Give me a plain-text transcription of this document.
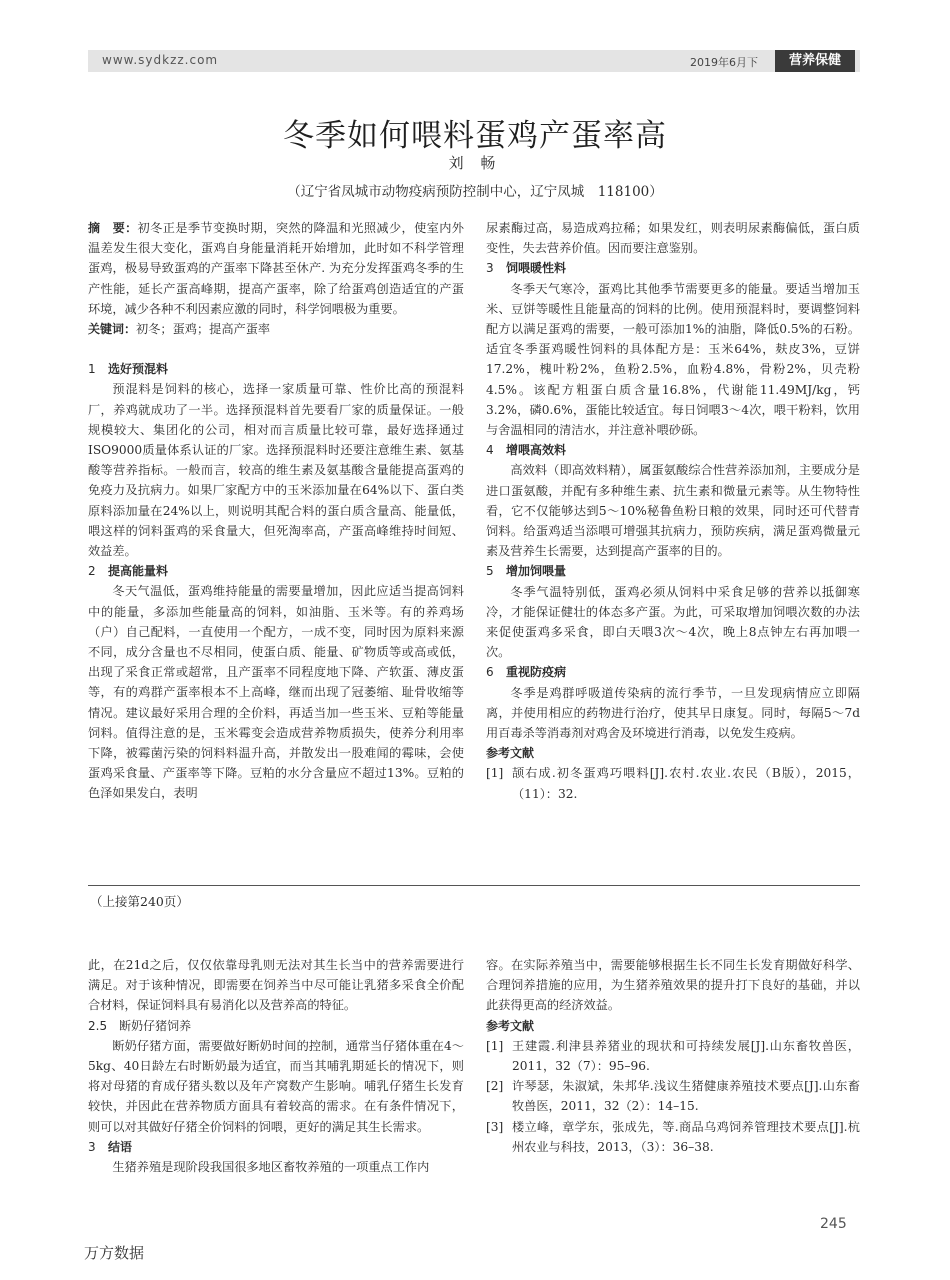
www.sydkzz.com	2019年6月下	营养保健
冬季如何喂料蛋鸡产蛋率高
刘 畅
（辽宁省凤城市动物疫病预防控制中心，辽宁凤城　118100）

摘　要：初冬正是季节变换时期，突然的降温和光照减少，使室内外温差发生很大变化，蛋鸡自身能量消耗开始增加，此时如不科学管理蛋鸡，极易导致蛋鸡的产蛋率下降甚至休产. 为充分发挥蛋鸡冬季的生产性能，延长产蛋高峰期，提高产蛋率，除了给蛋鸡创造适宜的产蛋环境，减少各种不利因素应激的同时，科学饲喂极为重要。

关键词：初冬；蛋鸡；提高产蛋率

1 选好预混料

预混料是饲料的核心，选择一家质量可靠、性价比高的预混料厂，养鸡就成功了一半。选择预混料首先要看厂家的质量保证。一般规模较大、集团化的公司，相对而言质量比较可靠，最好选择通过ISO9000质量体系认证的厂家。选择预混料时还要注意维生素、氨基酸等营养指标。一般而言，较高的维生素及氨基酸含量能提高蛋鸡的免疫力及抗病力。如果厂家配方中的玉米添加量在64%以下、蛋白类原料添加量在24%以上，则说明其配合料的蛋白质含量高、能量低，喂这样的饲料蛋鸡的采食量大，但死淘率高，产蛋高峰维持时间短、效益差。

2 提高能量料

冬天气温低，蛋鸡维持能量的需要量增加，因此应适当提高饲料中的能量，多添加些能量高的饲料，如油脂、玉米等。有的养鸡场（户）自己配料，一直使用一个配方，一成不变，同时因为原料来源不同，成分含量也不尽相同，使蛋白质、能量、矿物质等或高或低，出现了采食正常或超常，且产蛋率不同程度地下降、产软蛋、薄皮蛋等，有的鸡群产蛋率根本不上高峰，继而出现了冠萎缩、耻骨收缩等情况。建议最好采用合理的全价料，再适当加一些玉米、豆粕等能量饲料。值得注意的是，玉米霉变会造成营养物质损失，使养分利用率下降，被霉菌污染的饲料料温升高，并散发出一股难闻的霉味，会使蛋鸡采食量、产蛋率等下降。豆粕的水分含量应不超过13%。豆粕的色泽如果发白，表明

尿素酶过高，易造成鸡拉稀；如果发红，则表明尿素酶偏低，蛋白质变性，失去营养价值。因而要注意鉴别。

3 饲喂暖性料

冬季天气寒冷，蛋鸡比其他季节需要更多的能量。要适当增加玉米、豆饼等暖性且能量高的饲料的比例。使用预混料时，要调整饲料配方以满足蛋鸡的需要，一般可添加1%的油脂，降低0.5%的石粉。适宜冬季蛋鸡暖性饲料的具体配方是：玉米64%，麸皮3%，豆饼17.2%，槐叶粉2%，鱼粉2.5%，血粉4.8%，骨粉2%，贝壳粉4.5%。该配方粗蛋白质含量16.8%，代谢能11.49MJ/kg，钙3.2%，磷0.6%，蛋能比较适宜。每日饲喂3～4次，喂干粉料，饮用与舍温相同的清洁水，并注意补喂砂砾。

4 增喂高效料

高效料（即高效料精），属蛋氨酸综合性营养添加剂，主要成分是进口蛋氨酸，并配有多种维生素、抗生素和微量元素等。从生物特性看，它不仅能够达到5～10%秘鲁鱼粉日粮的效果，同时还可代替青饲料。给蛋鸡适当添喂可增强其抗病力，预防疾病，满足蛋鸡微量元素及营养生长需要，达到提高产蛋率的目的。

5 增加饲喂量

冬季气温特别低，蛋鸡必须从饲料中采食足够的营养以抵御寒冷，才能保证健壮的体态多产蛋。为此，可采取增加饲喂次数的办法来促使蛋鸡多采食，即白天喂3次～4次，晚上8点钟左右再加喂一次。

6 重视防疫病

冬季是鸡群呼吸道传染病的流行季节，一旦发现病情应立即隔离，并使用相应的药物进行治疗，使其早日康复。同时，每隔5～7d用百毒杀等消毒剂对鸡舍及环境进行消毒，以免发生疫病。

参考文献

[1] 颉右成.初冬蛋鸡巧喂料[J].农村.农业.农民（B版），2015，（11）：32.
（上接第240页）

此，在21d之后，仅仅依靠母乳则无法对其生长当中的营养需要进行满足。对于该种情况，即需要在饲养当中尽可能让乳猪多采食全价配合材料，保证饲料具有易消化以及营养高的特征。

2.5　断奶仔猪饲养

断奶仔猪方面，需要做好断奶时间的控制，通常当仔猪体重在4～5kg、40日龄左右时断奶最为适宜，而当其哺乳期延长的情况下，则将对母猪的育成仔猪头数以及年产窝数产生影响。哺乳仔猪生长发育较快，并因此在营养物质方面具有着较高的需求。在有条件情况下，则可以对其做好仔猪全价饲料的饲喂，更好的满足其生长需求。

3 结语

生猪养殖是现阶段我国很多地区畜牧养殖的一项重点工作内

容。在实际养殖当中，需要能够根据生长不同生长发育期做好科学、合理饲养措施的应用，为生猪养殖效果的提升打下良好的基础，并以此获得更高的经济效益。

参考文献

[1] 王建霞.利津县养猪业的现状和可持续发展[J].山东畜牧兽医，2011，32（7）：95–96.
[2] 许琴瑟，朱淑斌，朱邦华.浅议生猪健康养殖技术要点[J].山东畜牧兽医，2011，32（2）：14–15.
[3] 楼立峰，章学东，张成先，等.商品乌鸡饲养管理技术要点[J].杭州农业与科技，2013，（3）：36–38.
245
万方数据
